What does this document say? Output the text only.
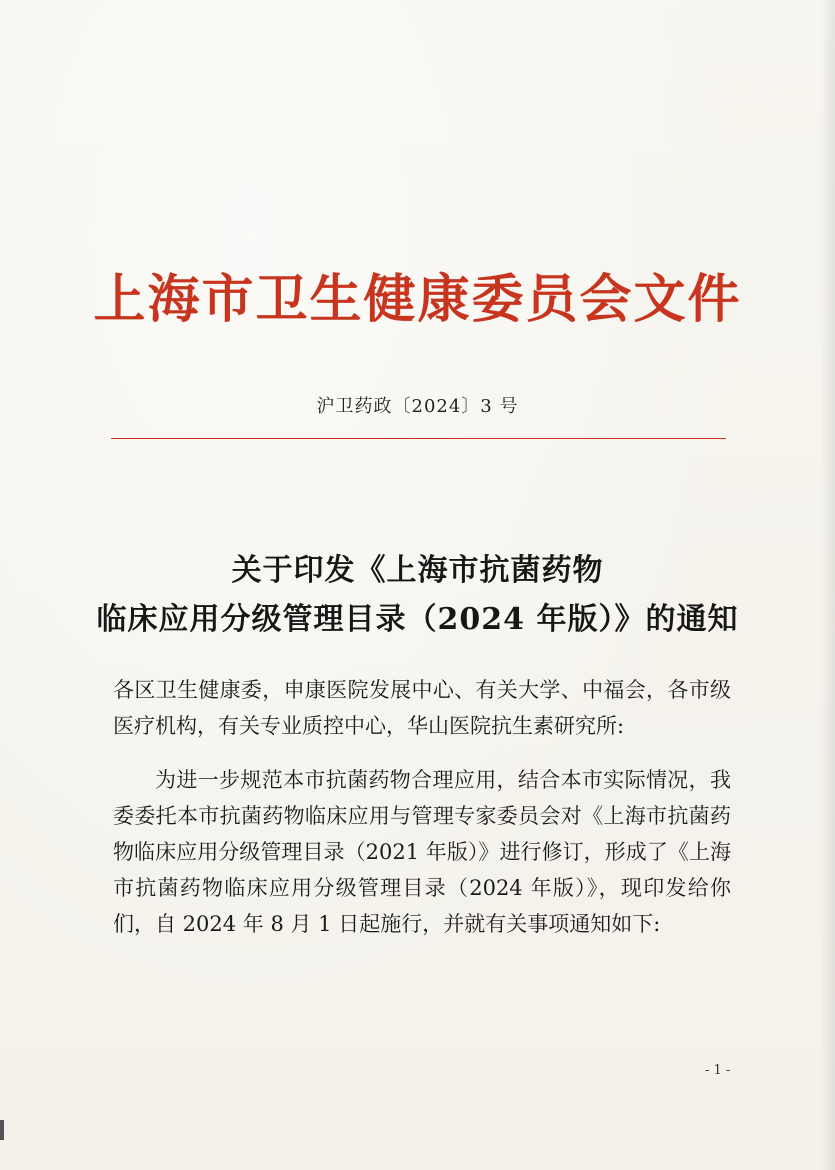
上海市卫生健康委员会文件
沪卫药政〔2024〕3 号
关于印发《上海市抗菌药物
临床应用分级管理目录（2024 年版）》的通知
各区卫生健康委，申康医院发展中心、有关大学、中福会，各市级医疗机构，有关专业质控中心，华山医院抗生素研究所:
为进一步规范本市抗菌药物合理应用，结合本市实际情况，我委委托本市抗菌药物临床应用与管理专家委员会对《上海市抗菌药物临床应用分级管理目录（2021 年版）》进行修订，形成了《上海市抗菌药物临床应用分级管理目录（2024 年版）》，现印发给你们，自 2024 年 8 月 1 日起施行，并就有关事项通知如下:
- 1 -
